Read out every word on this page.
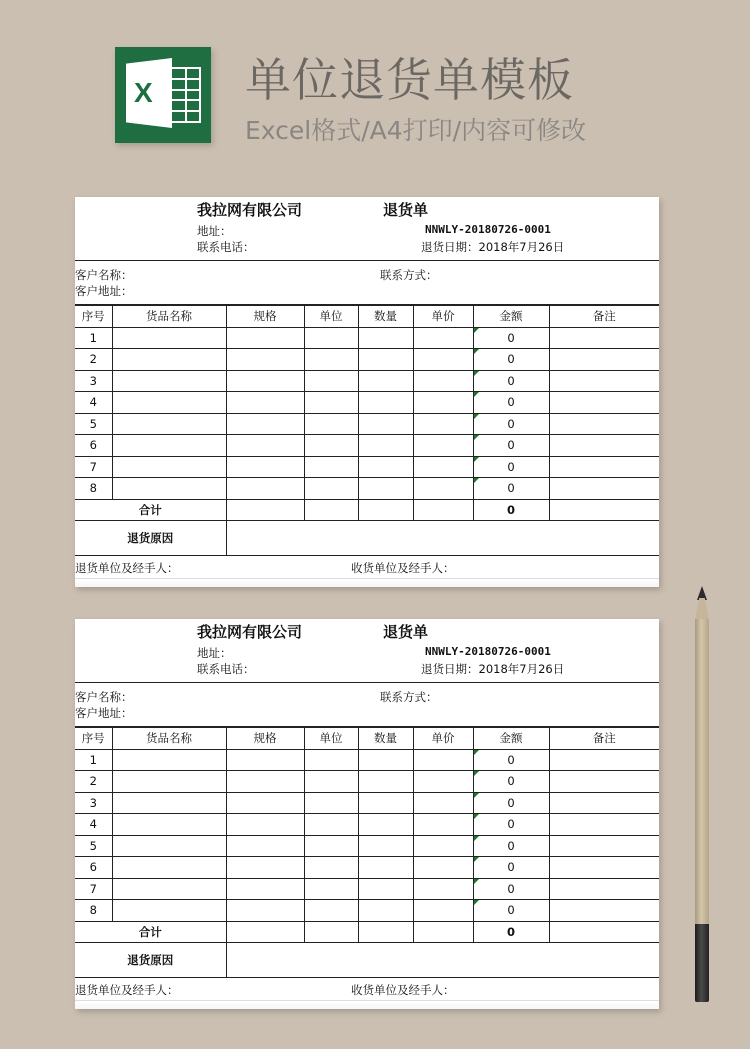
X 单位退货单模板
Excel格式/A4打印/内容可修改
我拉网有限公司	退货单
地址：
联系电话：
NNWLY-20180726-0001
退货日期：2018年7月26日
客户名称：
客户地址：
联系方式：
序号	货品名称	规格	单位	数量	单价	金额	备注
1						0	
2						0	
3						0	
4						0	
5						0	
6						0	
7						0	
8						0	
合计						0	
退货原因							
退货单位及经手人：	收货单位及经手人：
我拉网有限公司	退货单
地址：
联系电话：
NNWLY-20180726-0001
退货日期：2018年7月26日
客户名称：
客户地址：
联系方式：
序号	货品名称	规格	单位	数量	单价	金额	备注
1						0	
2						0	
3						0	
4						0	
5						0	
6						0	
7						0	
8						0	
合计						0	
退货原因							
退货单位及经手人：	收货单位及经手人：
